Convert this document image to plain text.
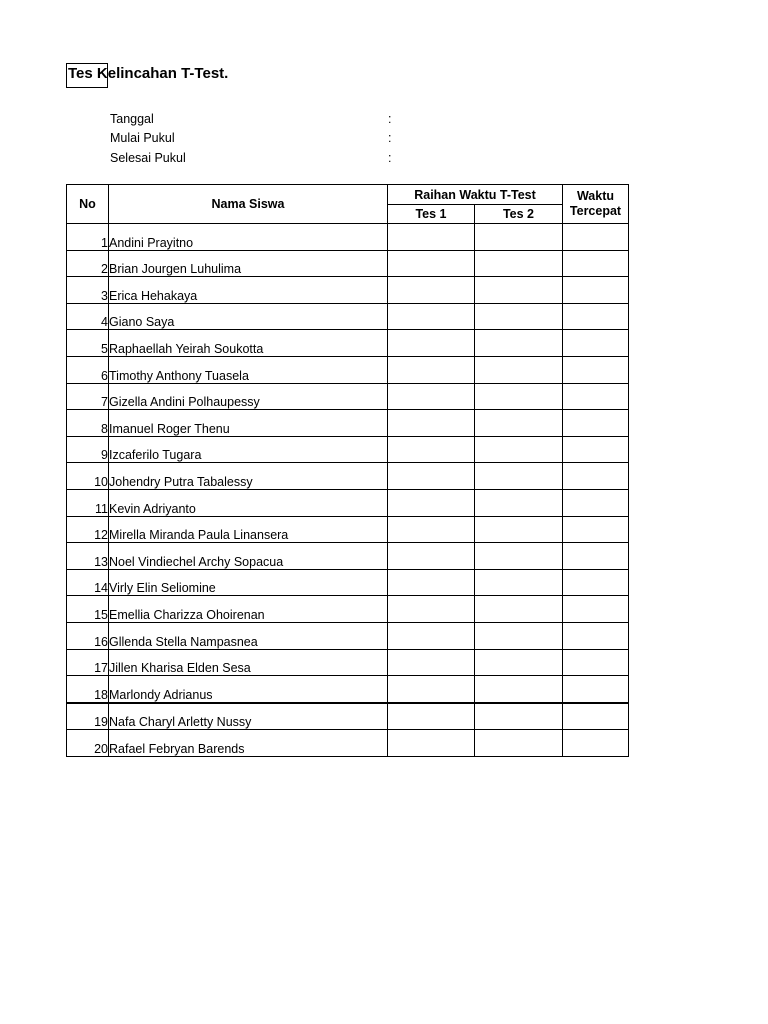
Tes Kelincahan T-Test.
Tanggal	:
Mulai Pukul	:
Selesai Pukul	:
No	Nama Siswa	Raihan Waktu T-Test		Waktu
Tercepat
		Tes 1	Tes 2	
1	Andini Prayitno			
2	Brian Jourgen Luhulima			
3	Erica Hehakaya			
4	Giano Saya			
5	Raphaellah Yeirah Soukotta			
6	Timothy Anthony Tuasela			
7	Gizella Andini Polhaupessy			
8	Imanuel Roger Thenu			
9	Izcaferilo Tugara			
10	Johendry Putra Tabalessy			
11	Kevin Adriyanto			
12	Mirella Miranda Paula Linansera			
13	Noel Vindiechel Archy Sopacua			
14	Virly Elin Seliomine			
15	Emellia Charizza Ohoirenan			
16	Gllenda Stella Nampasnea			
17	Jillen Kharisa Elden Sesa			
18	Marlondy Adrianus			
19	Nafa Charyl Arletty Nussy			
20	Rafael Febryan Barends			
